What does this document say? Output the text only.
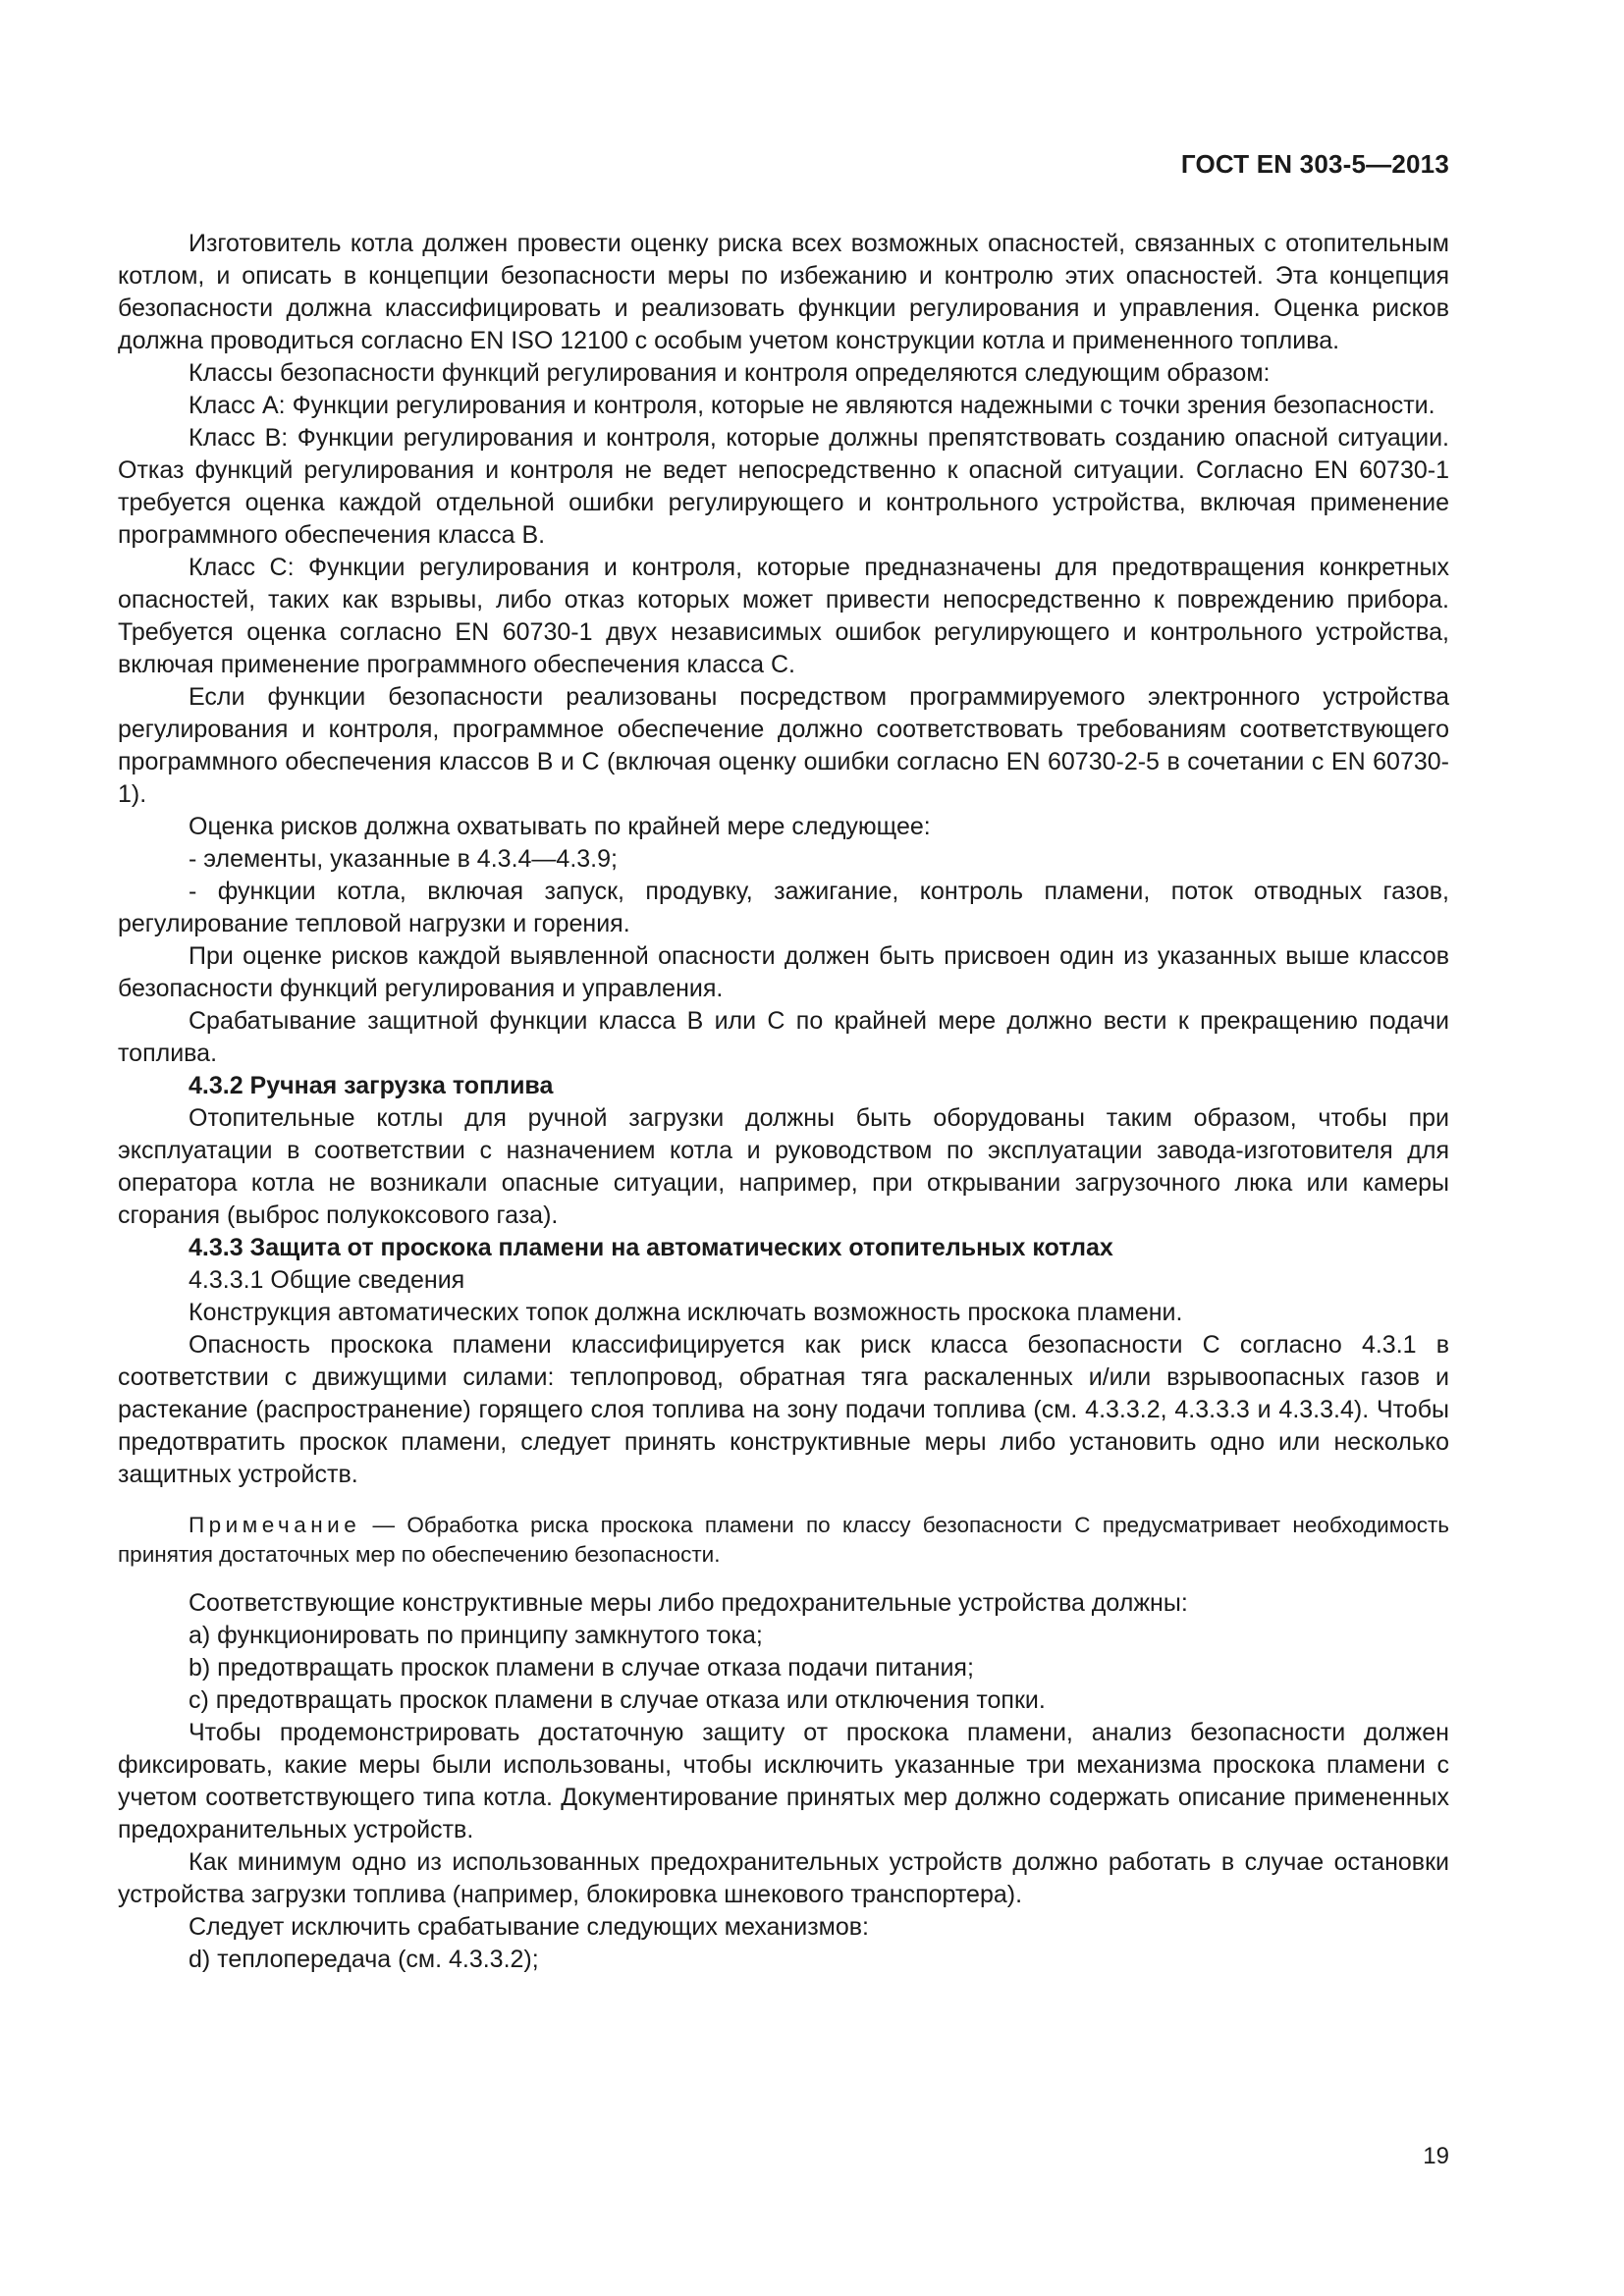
ГОСТ EN 303-5—2013

Изготовитель котла должен провести оценку риска всех возможных опасностей, связанных с отопительным котлом, и описать в концепции безопасности меры по избежанию и контролю этих опасностей. Эта концепция безопасности должна классифицировать и реализовать функции регулирования и управления. Оценка рисков должна проводиться согласно EN ISO 12100 с особым учетом конструкции котла и примененного топлива.

Классы безопасности функций регулирования и контроля определяются следующим образом:

Класс А: Функции регулирования и контроля, которые не являются надежными с точки зрения безопасности.

Класс В: Функции регулирования и контроля, которые должны препятствовать созданию опасной ситуации. Отказ функций регулирования и контроля не ведет непосредственно к опасной ситуации. Согласно EN 60730-1 требуется оценка каждой отдельной ошибки регулирующего и контрольного устройства, включая применение программного обеспечения класса В.

Класс С: Функции регулирования и контроля, которые предназначены для предотвращения конкретных опасностей, таких как взрывы, либо отказ которых может привести непосредственно к повреждению прибора. Требуется оценка согласно EN 60730-1 двух независимых ошибок регулирующего и контрольного устройства, включая применение программного обеспечения класса С.

Если функции безопасности реализованы посредством программируемого электронного устройства регулирования и контроля, программное обеспечение должно соответствовать требованиям соответствующего программного обеспечения классов В и С (включая оценку ошибки согласно EN 60730-2-5 в сочетании с EN 60730-1).

Оценка рисков должна охватывать по крайней мере следующее:

- элементы, указанные в 4.3.4—4.3.9;

- функции котла, включая запуск, продувку, зажигание, контроль пламени, поток отводных газов, регулирование тепловой нагрузки и горения.

При оценке рисков каждой выявленной опасности должен быть присвоен один из указанных выше классов безопасности функций регулирования и управления.

Срабатывание защитной функции класса В или С по крайней мере должно вести к прекращению подачи топлива.

4.3.2 Ручная загрузка топлива

Отопительные котлы для ручной загрузки должны быть оборудованы таким образом, чтобы при эксплуатации в соответствии с назначением котла и руководством по эксплуатации завода-изготовителя для оператора котла не возникали опасные ситуации, например, при открывании загрузочного люка или камеры сгорания (выброс полукоксового газа).

4.3.3 Защита от проскока пламени на автоматических отопительных котлах

4.3.3.1 Общие сведения

Конструкция автоматических топок должна исключать возможность проскока пламени.

Опасность проскока пламени классифицируется как риск класса безопасности С согласно 4.3.1 в соответствии с движущими силами: теплопровод, обратная тяга раскаленных и/или взрывоопасных газов и растекание (распространение) горящего слоя топлива на зону подачи топлива (см. 4.3.3.2, 4.3.3.3 и 4.3.3.4). Чтобы предотвратить проскок пламени, следует принять конструктивные меры либо установить одно или несколько защитных устройств.

Примечание — Обработка риска проскока пламени по классу безопасности С предусматривает необходимость принятия достаточных мер по обеспечению безопасности.

Соответствующие конструктивные меры либо предохранительные устройства должны:

a) функционировать по принципу замкнутого тока;

b) предотвращать проскок пламени в случае отказа подачи питания;

c) предотвращать проскок пламени в случае отказа или отключения топки.

Чтобы продемонстрировать достаточную защиту от проскока пламени, анализ безопасности должен фиксировать, какие меры были использованы, чтобы исключить указанные три механизма проскока пламени с учетом соответствующего типа котла. Документирование принятых мер должно содержать описание примененных предохранительных устройств.

Как минимум одно из использованных предохранительных устройств должно работать в случае остановки устройства загрузки топлива (например, блокировка шнекового транспортера).

Следует исключить срабатывание следующих механизмов:

d) теплопередача (см. 4.3.3.2);

19
